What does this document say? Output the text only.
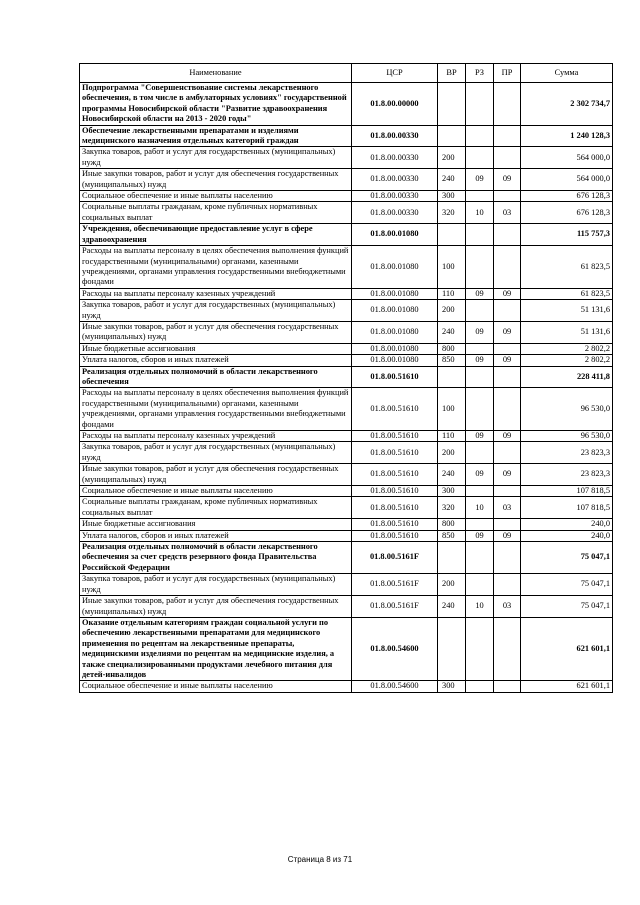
Наименование	ЦСР	ВР	РЗ	ПР	Сумма
Подпрограмма "Совершенствование системы лекарственного обеспечения, в том числе в амбулаторных условиях" государственной программы Новосибирской области "Развитие здравоохранения Новосибирской области на 2013 - 2020 годы"	01.8.00.00000				2 302 734,7
Обеспечение лекарственными препаратами и изделиями медицинского назначения отдельных категорий граждан	01.8.00.00330				1 240 128,3
Закупка товаров, работ и услуг для государственных (муниципальных) нужд	01.8.00.00330	200			564 000,0
Иные закупки товаров, работ и услуг для обеспечения государственных (муниципальных) нужд	01.8.00.00330	240	09	09	564 000,0
Социальное обеспечение и иные выплаты населению	01.8.00.00330	300			676 128,3
Социальные выплаты гражданам, кроме публичных нормативных социальных выплат	01.8.00.00330	320	10	03	676 128,3
Учреждения, обеспечивающие предоставление услуг в сфере здравоохранения	01.8.00.01080				115 757,3
Расходы на выплаты персоналу в целях обеспечения выполнения функций государственными (муниципальными) органами, казенными учреждениями, органами управления государственными внебюджетными фондами	01.8.00.01080	100			61 823,5
Расходы на выплаты персоналу казенных учреждений	01.8.00.01080	110	09	09	61 823,5
Закупка товаров, работ и услуг для государственных (муниципальных) нужд	01.8.00.01080	200			51 131,6
Иные закупки товаров, работ и услуг для обеспечения государственных (муниципальных) нужд	01.8.00.01080	240	09	09	51 131,6
Иные бюджетные ассигнования	01.8.00.01080	800			2 802,2
Уплата налогов, сборов и иных платежей	01.8.00.01080	850	09	09	2 802,2
Реализация отдельных полномочий в области лекарственного обеспечения	01.8.00.51610				228 411,8
Расходы на выплаты персоналу в целях обеспечения выполнения функций государственными (муниципальными) органами, казенными учреждениями, органами управления государственными внебюджетными фондами	01.8.00.51610	100			96 530,0
Расходы на выплаты персоналу казенных учреждений	01.8.00.51610	110	09	09	96 530,0
Закупка товаров, работ и услуг для государственных (муниципальных) нужд	01.8.00.51610	200			23 823,3
Иные закупки товаров, работ и услуг для обеспечения государственных (муниципальных) нужд	01.8.00.51610	240	09	09	23 823,3
Социальное обеспечение и иные выплаты населению	01.8.00.51610	300			107 818,5
Социальные выплаты гражданам, кроме публичных нормативных социальных выплат	01.8.00.51610	320	10	03	107 818,5
Иные бюджетные ассигнования	01.8.00.51610	800			240,0
Уплата налогов, сборов и иных платежей	01.8.00.51610	850	09	09	240,0
Реализация отдельных полномочий в области лекарственного обеспечения за счет средств резервного фонда Правительства Российской Федерации	01.8.00.5161F				75 047,1
Закупка товаров, работ и услуг для государственных (муниципальных) нужд	01.8.00.5161F	200			75 047,1
Иные закупки товаров, работ и услуг для обеспечения государственных (муниципальных) нужд	01.8.00.5161F	240	10	03	75 047,1
Оказание отдельным категориям граждан социальной услуги по обеспечению лекарственными препаратами для медицинского применения по рецептам на лекарственные препараты, медицинскими изделиями по рецептам на медицинские изделия, а также специализированными продуктами лечебного питания для детей-инвалидов	01.8.00.54600				621 601,1
Социальное обеспечение и иные выплаты населению	01.8.00.54600	300			621 601,1
Страница 8 из 71
